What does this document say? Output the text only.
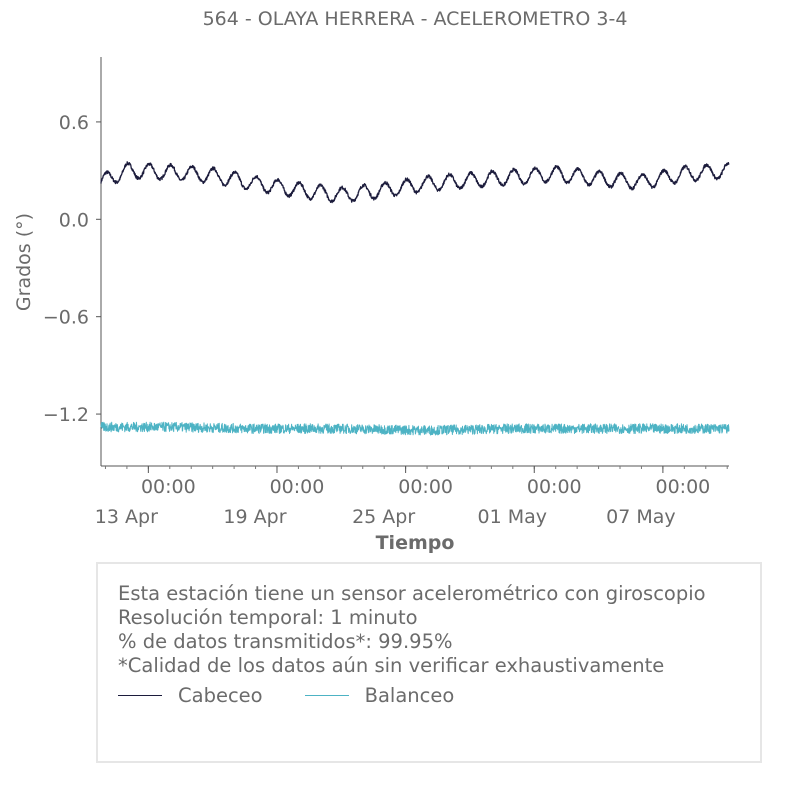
564 - OLAYA HERRERA - ACELEROMETRO 3-4
0.6
0.0
−0.6
−1.2
00:00
13 Apr
00:00
19 Apr
00:00
25 Apr
00:00
01 May
00:00
07 May
Tiempo
Grados (°)
Esta estación tiene un sensor acelerométrico con giroscopio
Resolución temporal: 1 minuto
% de datos transmitidos*: 99.95%
*Calidad de los datos aún sin verificar exhaustivamente
Cabeceo	Balanceo
